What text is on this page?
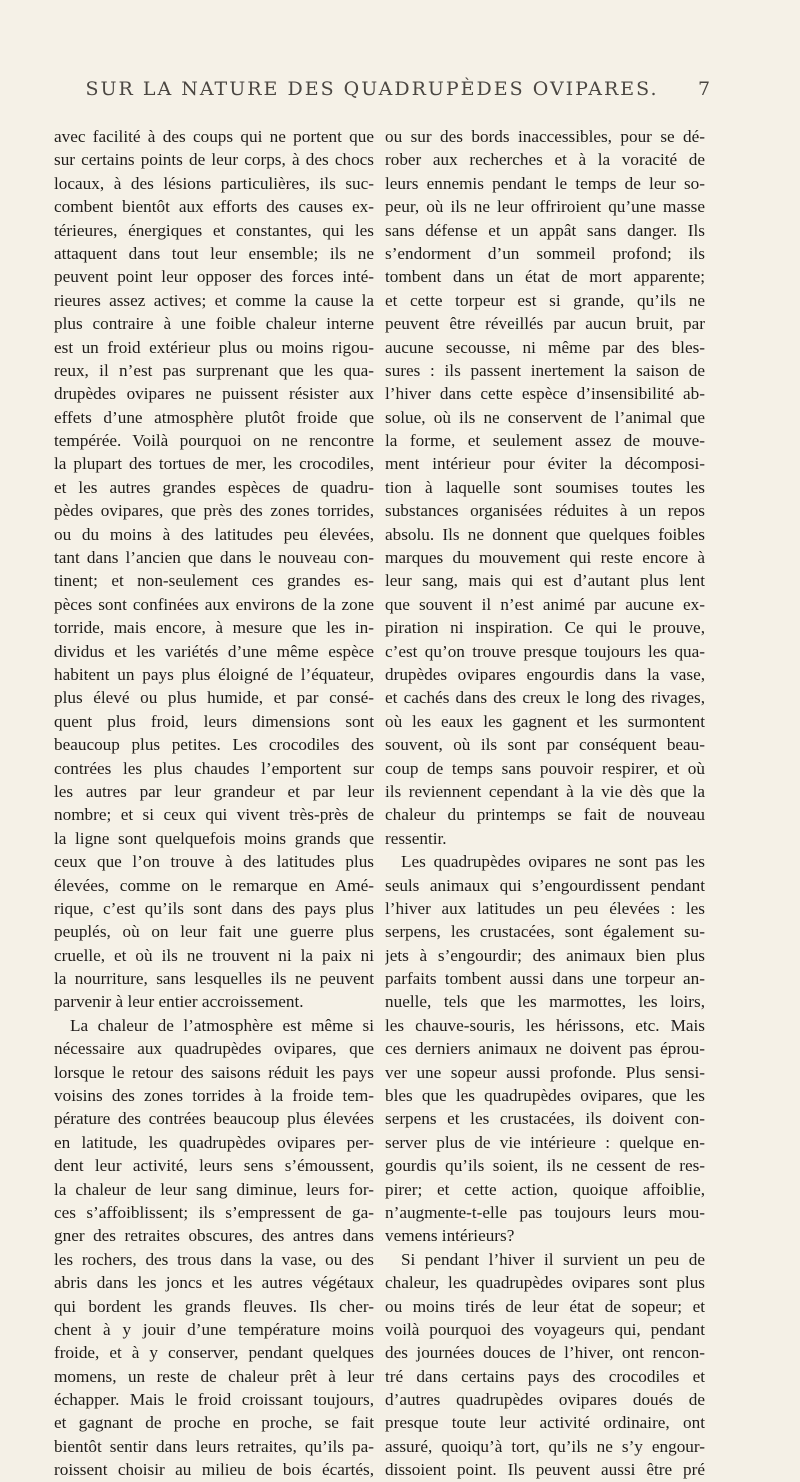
SUR LA NATURE DES QUADRUPÈDES OVIPARES. 7
avec facilité à des coups qui ne portent que
sur certains points de leur corps, à des chocs
locaux, à des lésions particulières, ils suc-
combent bientôt aux efforts des causes ex-
térieures, énergiques et constantes, qui les
attaquent dans tout leur ensemble; ils ne
peuvent point leur opposer des forces inté-
rieures assez actives; et comme la cause la
plus contraire à une foible chaleur interne
est un froid extérieur plus ou moins rigou-
reux, il n’est pas surprenant que les qua-
drupèdes ovipares ne puissent résister aux
effets d’une atmosphère plutôt froide que
tempérée. Voilà pourquoi on ne rencontre
la plupart des tortues de mer, les crocodiles,
et les autres grandes espèces de quadru-
pèdes ovipares, que près des zones torrides,
ou du moins à des latitudes peu élevées,
tant dans l’ancien que dans le nouveau con-
tinent; et non-seulement ces grandes es-
pèces sont confinées aux environs de la zone
torride, mais encore, à mesure que les in-
dividus et les variétés d’une même espèce
habitent un pays plus éloigné de l’équateur,
plus élevé ou plus humide, et par consé-
quent plus froid, leurs dimensions sont
beaucoup plus petites. Les crocodiles des
contrées les plus chaudes l’emportent sur
les autres par leur grandeur et par leur
nombre; et si ceux qui vivent très-près de
la ligne sont quelquefois moins grands que
ceux que l’on trouve à des latitudes plus
élevées, comme on le remarque en Amé-
rique, c’est qu’ils sont dans des pays plus
peuplés, où on leur fait une guerre plus
cruelle, et où ils ne trouvent ni la paix ni
la nourriture, sans lesquelles ils ne peuvent
parvenir à leur entier accroissement.
La chaleur de l’atmosphère est même si
nécessaire aux quadrupèdes ovipares, que
lorsque le retour des saisons réduit les pays
voisins des zones torrides à la froide tem-
pérature des contrées beaucoup plus élevées
en latitude, les quadrupèdes ovipares per-
dent leur activité, leurs sens s’émoussent,
la chaleur de leur sang diminue, leurs for-
ces s’affoiblissent; ils s’empressent de ga-
gner des retraites obscures, des antres dans
les rochers, des trous dans la vase, ou des
abris dans les joncs et les autres végétaux
qui bordent les grands fleuves. Ils cher-
chent à y jouir d’une température moins
froide, et à y conserver, pendant quelques
momens, un reste de chaleur prêt à leur
échapper. Mais le froid croissant toujours,
et gagnant de proche en proche, se fait
bientôt sentir dans leurs retraites, qu’ils pa-
roissent choisir au milieu de bois écartés,
ou sur des bords inaccessibles, pour se dé-
rober aux recherches et à la voracité de
leurs ennemis pendant le temps de leur so-
peur, où ils ne leur offriroient qu’une masse
sans défense et un appât sans danger. Ils
s’endorment d’un sommeil profond; ils
tombent dans un état de mort apparente;
et cette torpeur est si grande, qu’ils ne
peuvent être réveillés par aucun bruit, par
aucune secousse, ni même par des bles-
sures : ils passent inertement la saison de
l’hiver dans cette espèce d’insensibilité ab-
solue, où ils ne conservent de l’animal que
la forme, et seulement assez de mouve-
ment intérieur pour éviter la décomposi-
tion à laquelle sont soumises toutes les
substances organisées réduites à un repos
absolu. Ils ne donnent que quelques foibles
marques du mouvement qui reste encore à
leur sang, mais qui est d’autant plus lent
que souvent il n’est animé par aucune ex-
piration ni inspiration. Ce qui le prouve,
c’est qu’on trouve presque toujours les qua-
drupèdes ovipares engourdis dans la vase,
et cachés dans des creux le long des rivages,
où les eaux les gagnent et les surmontent
souvent, où ils sont par conséquent beau-
coup de temps sans pouvoir respirer, et où
ils reviennent cependant à la vie dès que la
chaleur du printemps se fait de nouveau
ressentir.
Les quadrupèdes ovipares ne sont pas les
seuls animaux qui s’engourdissent pendant
l’hiver aux latitudes un peu élevées : les
serpens, les crustacées, sont également su-
jets à s’engourdir; des animaux bien plus
parfaits tombent aussi dans une torpeur an-
nuelle, tels que les marmottes, les loirs,
les chauve-souris, les hérissons, etc. Mais
ces derniers animaux ne doivent pas éprou-
ver une sopeur aussi profonde. Plus sensi-
bles que les quadrupèdes ovipares, que les
serpens et les crustacées, ils doivent con-
server plus de vie intérieure : quelque en-
gourdis qu’ils soient, ils ne cessent de res-
pirer; et cette action, quoique affoiblie,
n’augmente-t-elle pas toujours leurs mou-
vemens intérieurs?
Si pendant l’hiver il survient un peu de
chaleur, les quadrupèdes ovipares sont plus
ou moins tirés de leur état de sopeur; et
voilà pourquoi des voyageurs qui, pendant
des journées douces de l’hiver, ont rencon-
tré dans certains pays des crocodiles et
d’autres quadrupèdes ovipares doués de
presque toute leur activité ordinaire, ont
assuré, quoiqu’à tort, qu’ils ne s’y engour-
dissoient point. Ils peuvent aussi être pré
